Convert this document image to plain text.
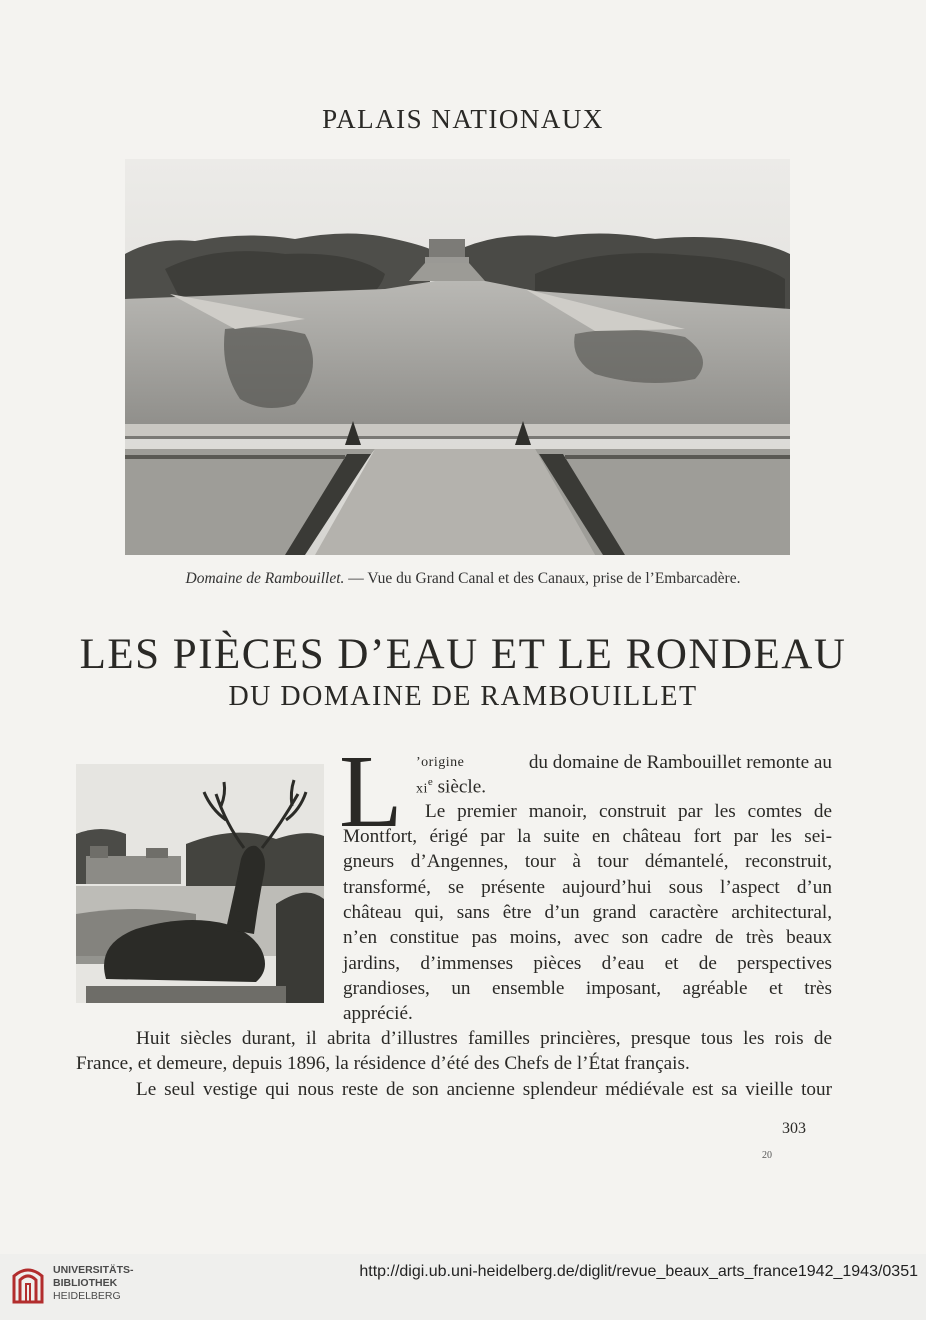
PALAIS NATIONAUX
Domaine de Rambouillet. — Vue du Grand Canal et des Canaux, prise de l’Embarcadère.
LES PIÈCES D’EAU ET LE RONDEAU
DU DOMAINE DE RAMBOUILLET
L ’origine	du domaine de Rambouillet remonte au
$xi^e$ siècle.
Le premier manoir, construit par les comtes de
Montfort, érigé par la suite en château fort par les sei-
gneurs d’Angennes, tour à tour démantelé, reconstruit,
transformé, se présente aujourd’hui sous l’aspect d’un
château qui, sans être d’un grand caractère architectural,
n’en constitue pas moins, avec son cadre de très beaux
jardins, d’immenses pièces d’eau et de perspectives
grandioses, un ensemble imposant, agréable et très
apprécié.
Huit siècles durant, il abrita d’illustres familles princières, presque tous les rois de
France, et demeure, depuis 1896, la résidence d’été des Chefs de l’État français.
Le seul vestige qui nous reste de son ancienne splendeur médiévale est sa vieille tour
303
20
UNIVERSITÄTS-
BIBLIOTHEK
HEIDELBERG
http://digi.ub.uni-heidelberg.de/diglit/revue_beaux_arts_france1942_1943/0351
